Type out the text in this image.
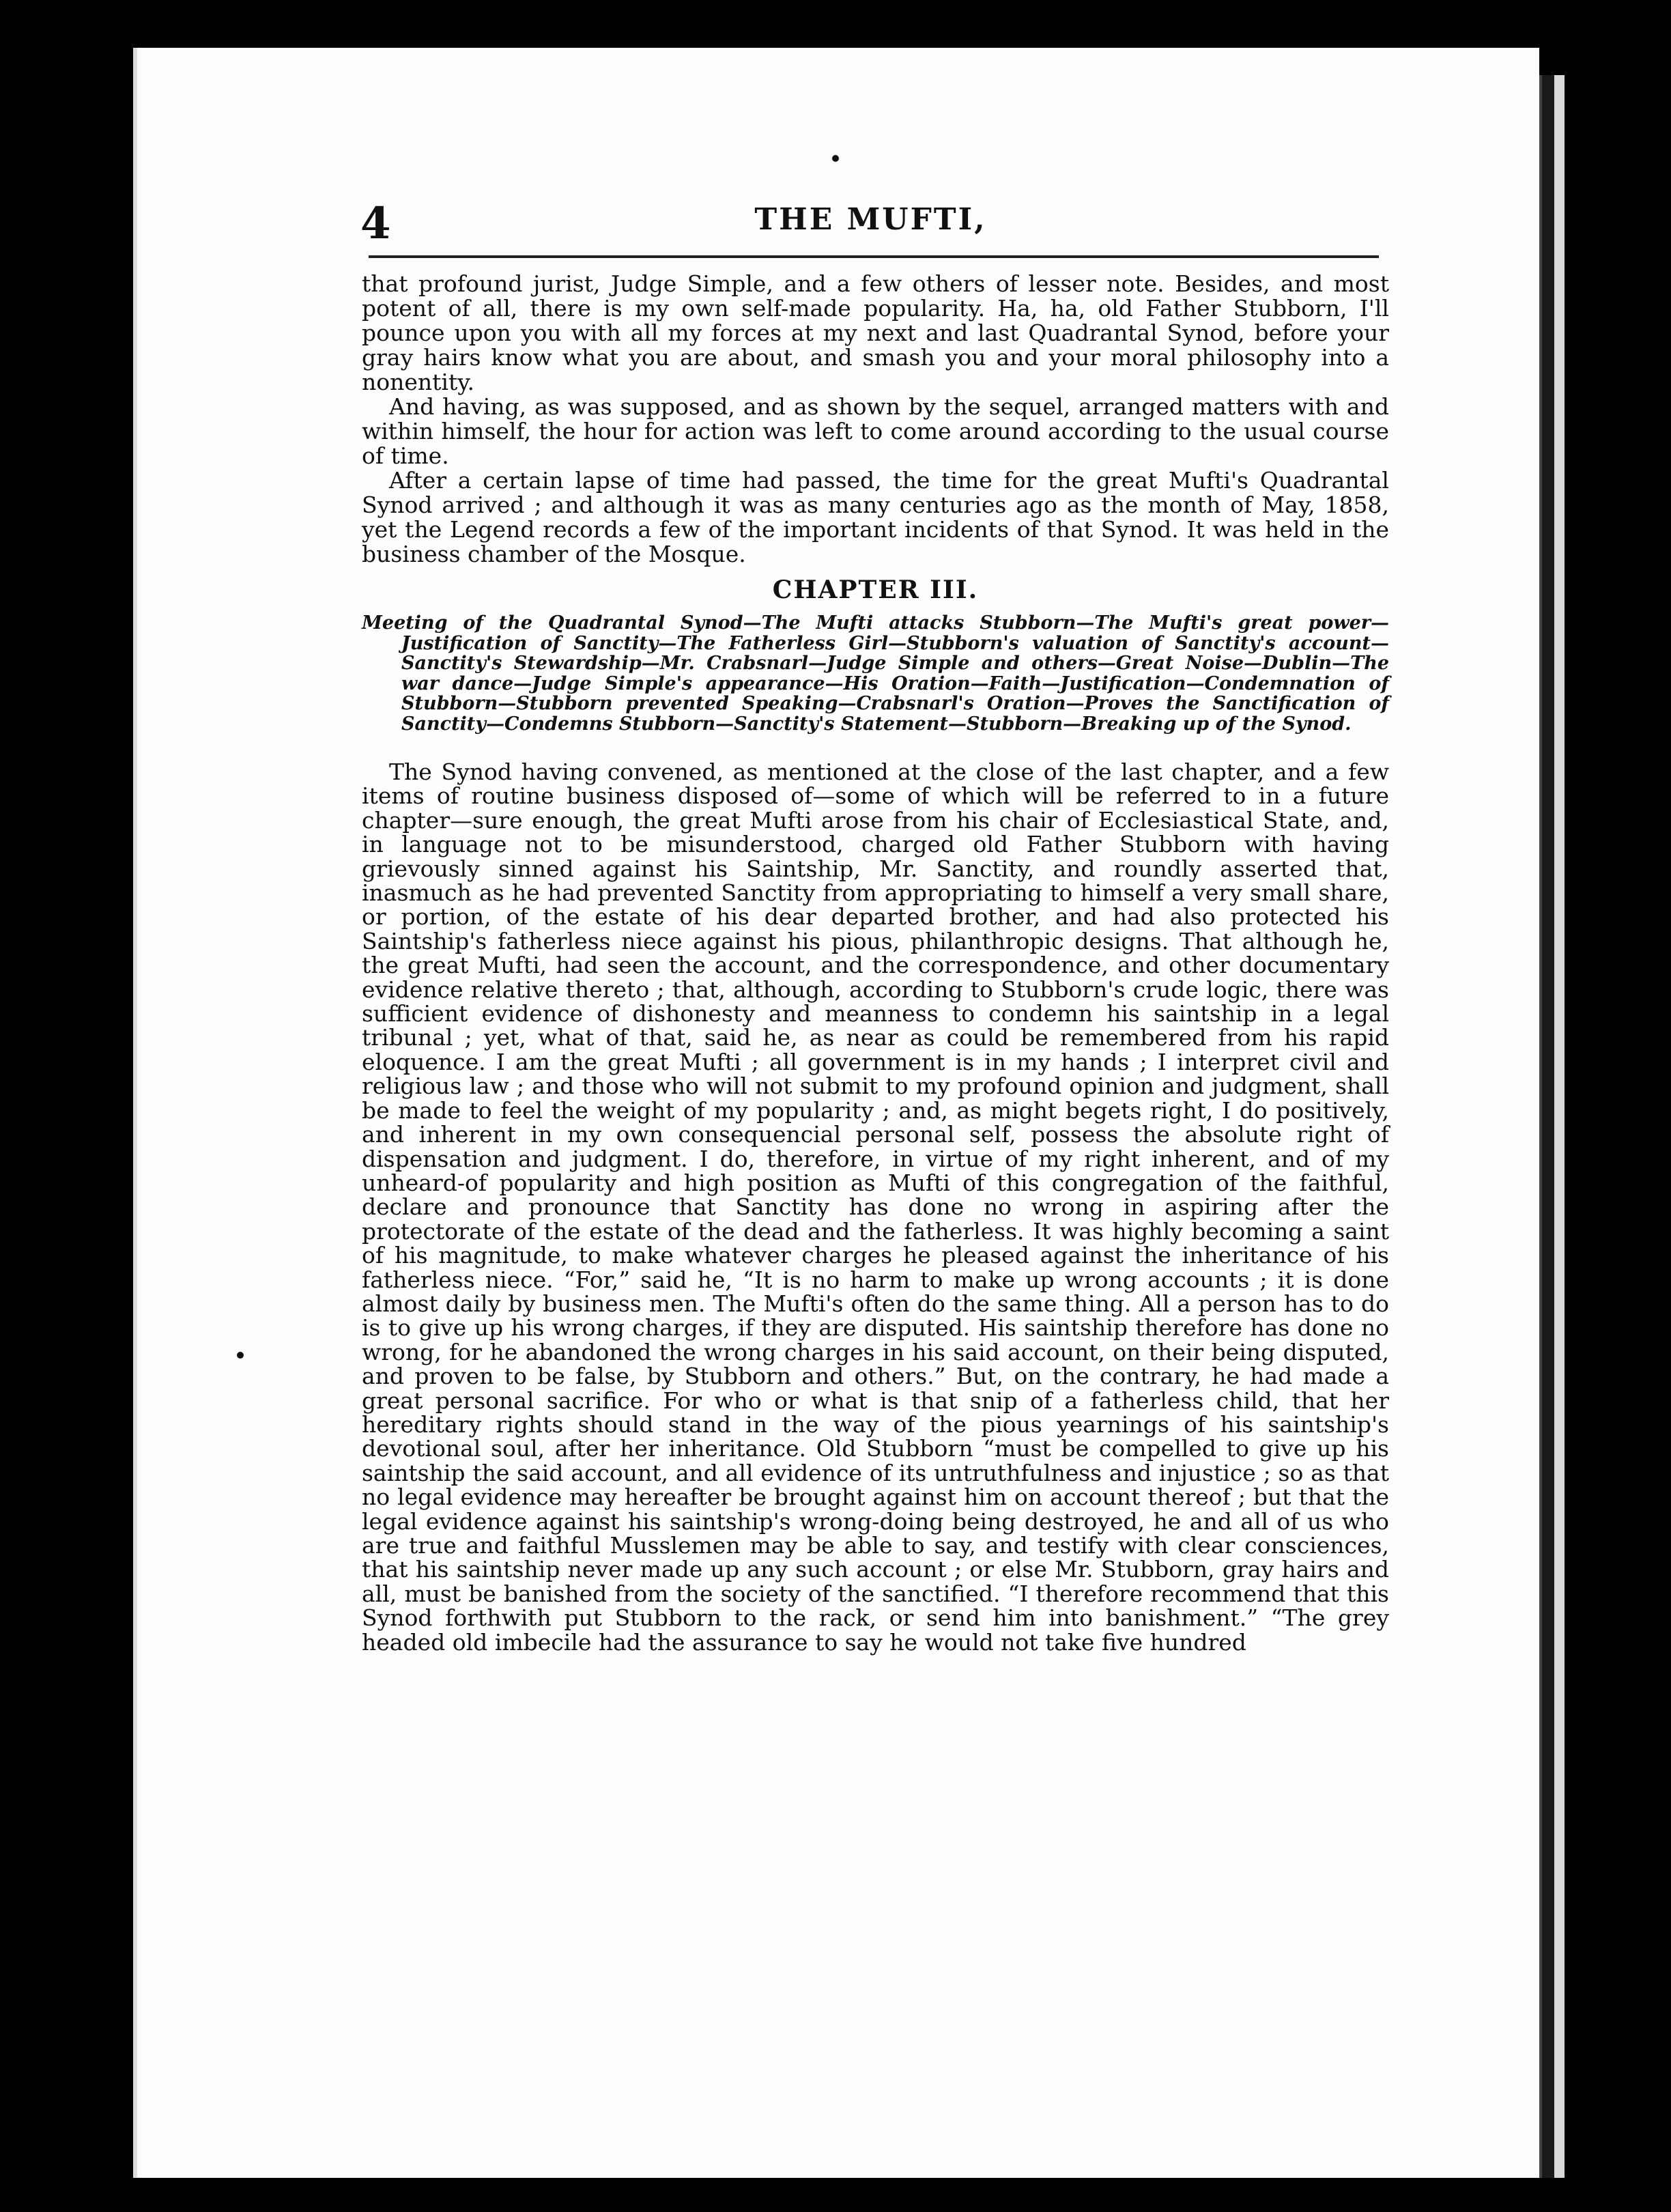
4	THE MUFTI,

that profound jurist, Judge Simple, and a few others of lesser note. Besides, and most potent of all, there is my own self-made popularity. Ha, ha, old Father Stubborn, I'll pounce upon you with all my forces at my next and last Quadrantal Synod, before your gray hairs know what you are about, and smash you and your moral philosophy into a nonentity.

And having, as was supposed, and as shown by the sequel, arranged matters with and within himself, the hour for action was left to come around according to the usual course of time.

After a certain lapse of time had passed, the time for the great Mufti's Quadrantal Synod arrived ; and although it was as many centuries ago as the month of May, 1858, yet the Legend records a few of the important incidents of that Synod. It was held in the business chamber of the Mosque.

CHAPTER III.
Meeting of the Quadrantal Synod—The Mufti attacks Stubborn—The Mufti's great power—Justification of Sanctity—The Fatherless Girl—Stubborn's valuation of Sanctity's account—Sanctity's Stewardship—Mr. Crabsnarl—Judge Simple and others—Great Noise—Dublin—The war dance—Judge Simple's appearance—His Oration—Faith—Justification—Condemnation of Stubborn—Stubborn prevented Speaking—Crabsnarl's Oration—Proves the Sanctification of Sanctity—Condemns Stubborn—Sanctity's Statement—Stubborn—Breaking up of the Synod.

The Synod having convened, as mentioned at the close of the last chapter, and a few items of routine business disposed of—some of which will be referred to in a future chapter—sure enough, the great Mufti arose from his chair of Ecclesiastical State, and, in language not to be misunderstood, charged old Father Stubborn with having grievously sinned against his Saintship, Mr. Sanctity, and roundly asserted that, inasmuch as he had prevented Sanctity from appropriating to himself a very small share, or portion, of the estate of his dear departed brother, and had also protected his Saintship's fatherless niece against his pious, philanthropic designs. That although he, the great Mufti, had seen the account, and the correspondence, and other documentary evidence relative thereto ; that, although, according to Stubborn's crude logic, there was sufficient evidence of dishonesty and meanness to condemn his saintship in a legal tribunal ; yet, what of that, said he, as near as could be remembered from his rapid eloquence. I am the great Mufti ; all government is in my hands ; I interpret civil and religious law ; and those who will not submit to my profound opinion and judgment, shall be made to feel the weight of my popularity ; and, as might begets right, I do positively, and inherent in my own consequencial personal self, possess the absolute right of dispensation and judgment. I do, therefore, in virtue of my right inherent, and of my unheard-of popularity and high position as Mufti of this congregation of the faithful, declare and pronounce that Sanctity has done no wrong in aspiring after the protectorate of the estate of the dead and the fatherless. It was highly becoming a saint of his magnitude, to make whatever charges he pleased against the inheritance of his fatherless niece. “For,” said he, “It is no harm to make up wrong accounts ; it is done almost daily by business men. The Mufti's often do the same thing. All a person has to do is to give up his wrong charges, if they are disputed. His saintship therefore has done no wrong, for he abandoned the wrong charges in his said account, on their being disputed, and proven to be false, by Stubborn and others.” But, on the contrary, he had made a great personal sacrifice. For who or what is that snip of a fatherless child, that her hereditary rights should stand in the way of the pious yearnings of his saintship's devotional soul, after her inheritance. Old Stubborn “must be compelled to give up his saintship the said account, and all evidence of its untruthfulness and injustice ; so as that no legal evidence may hereafter be brought against him on account thereof ; but that the legal evidence against his saintship's wrong-doing being destroyed, he and all of us who are true and faithful Musslemen may be able to say, and testify with clear consciences, that his saintship never made up any such account ; or else Mr. Stubborn, gray hairs and all, must be banished from the society of the sanctified. “I therefore recommend that this Synod forthwith put Stubborn to the rack, or send him into banishment.” “The grey headed old imbecile had the assurance to say he would not take five hundred
